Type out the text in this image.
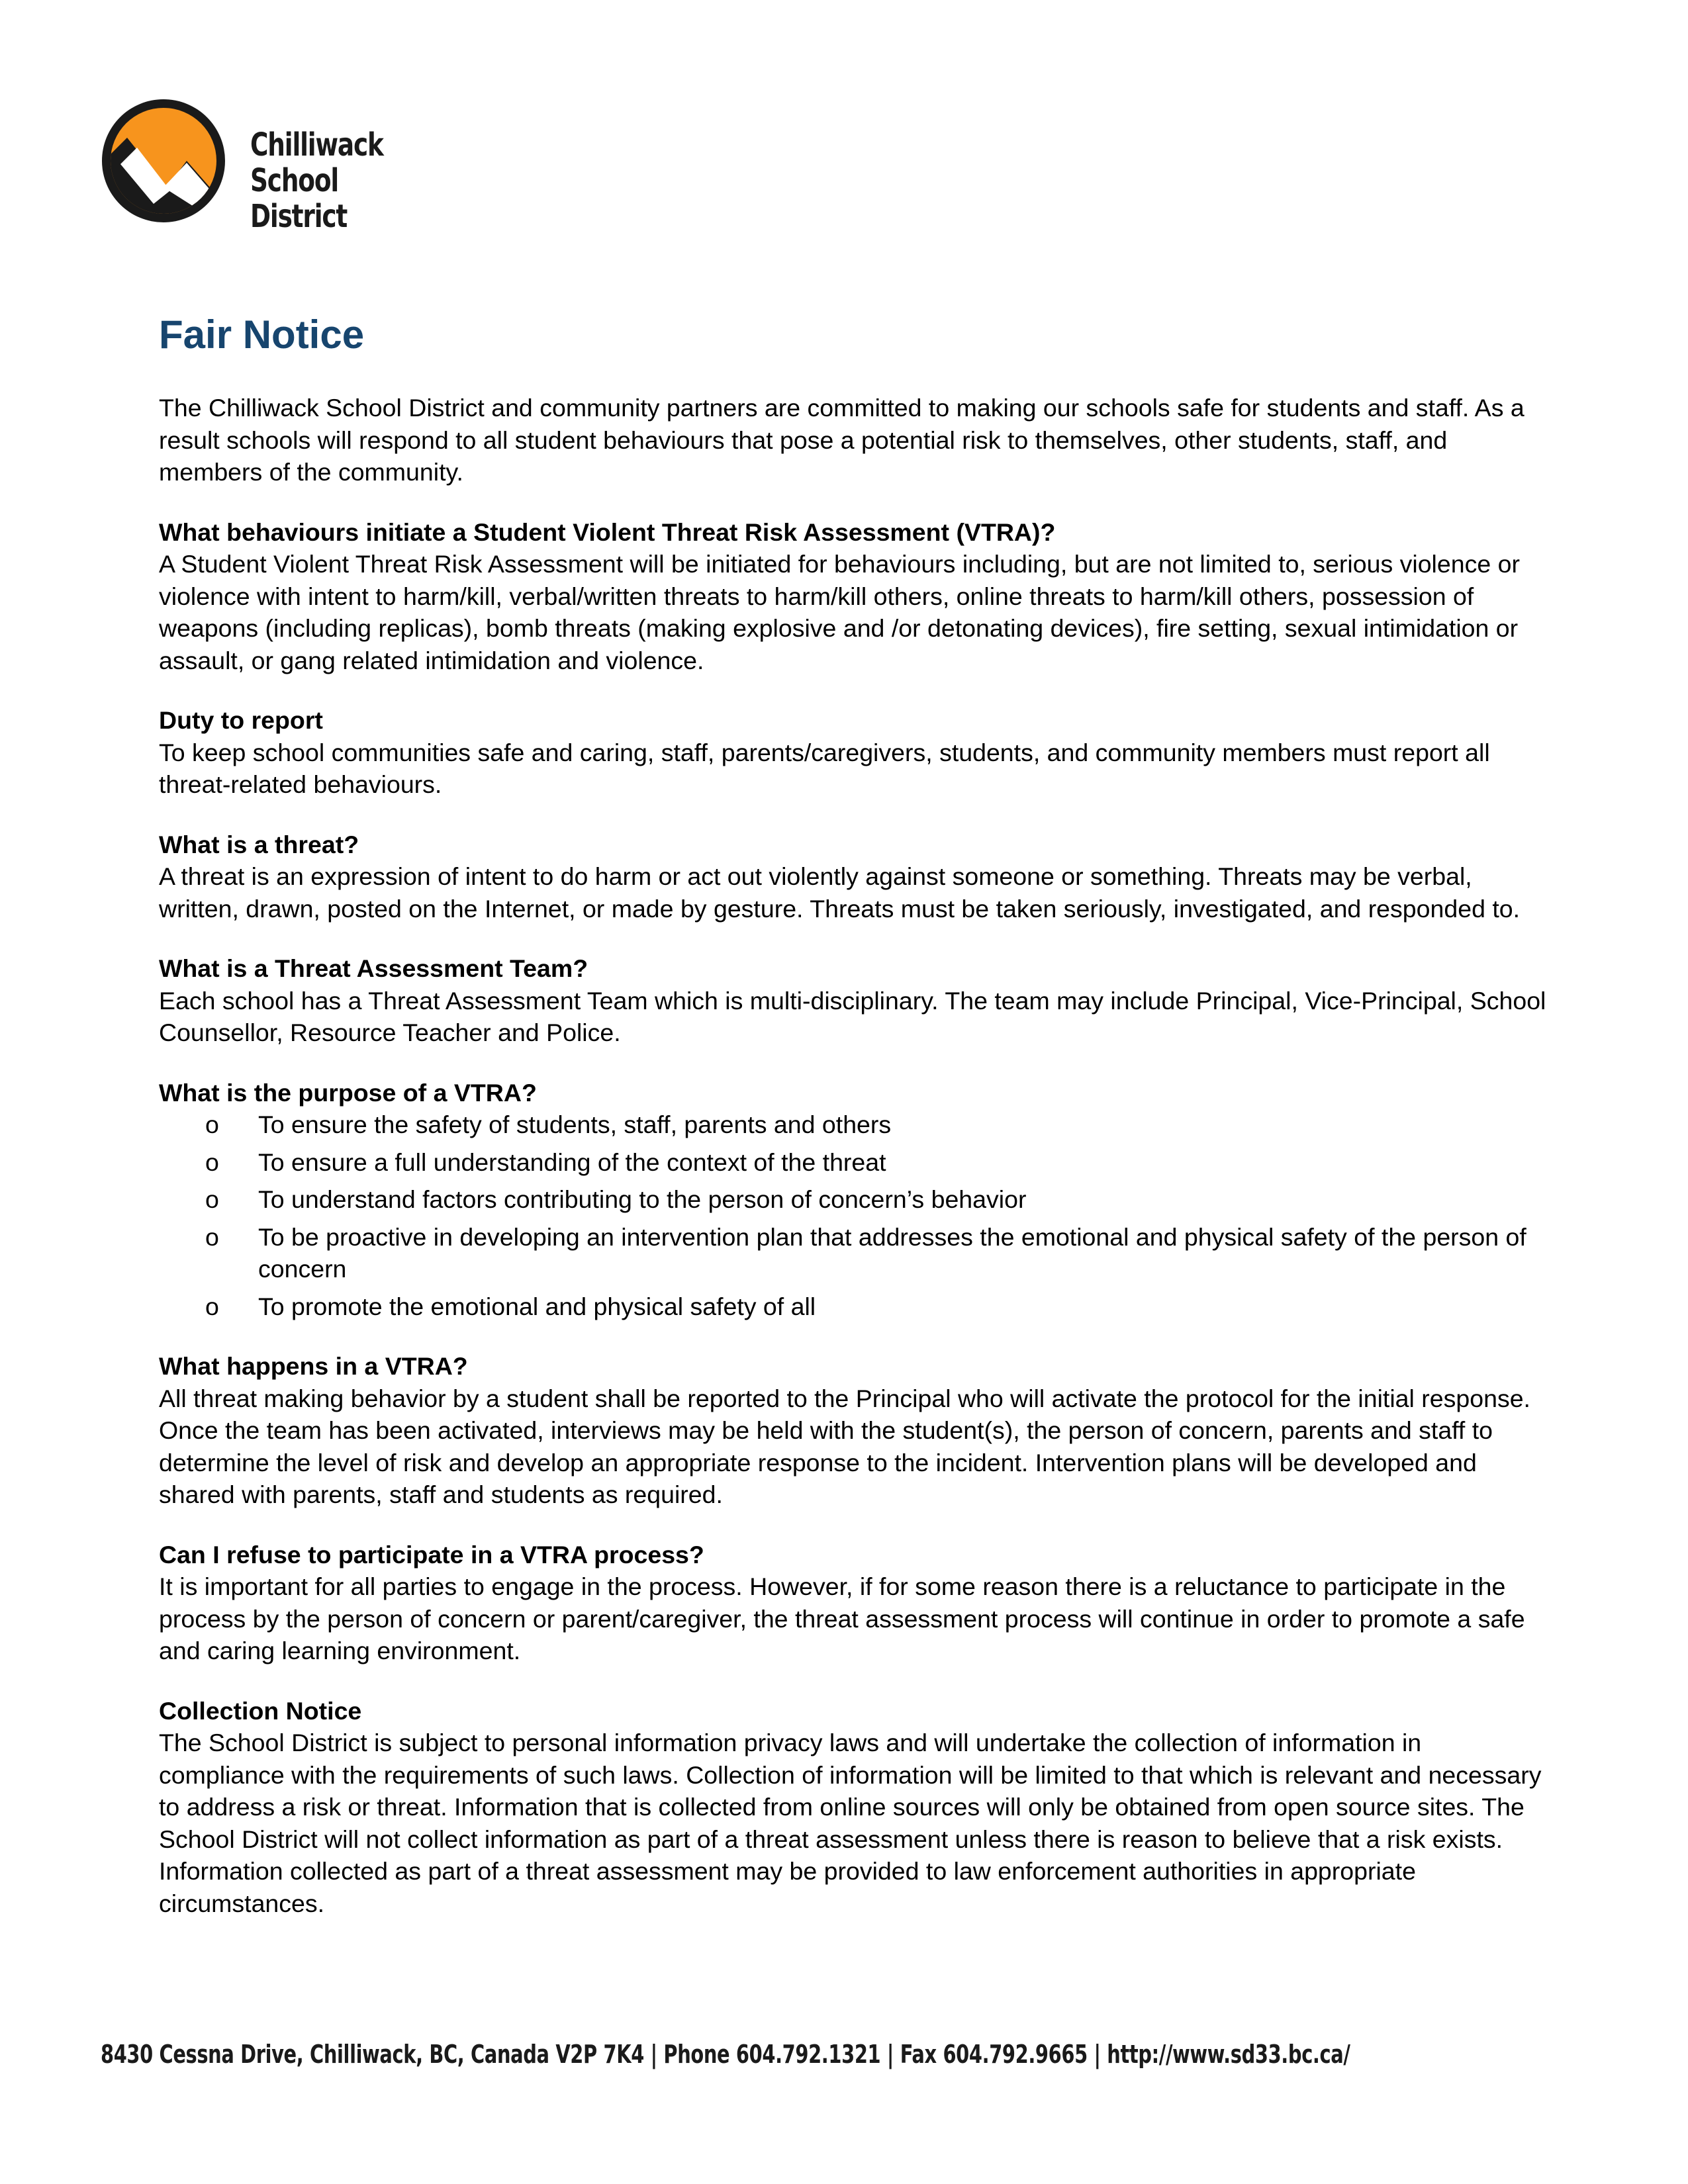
Chilliwack
School District
Fair Notice

The Chilliwack School District and community partners are committed to making our schools safe for students and staff. As a result schools will respond to all student behaviours that pose a potential risk to themselves, other students, staff, and members of the community.

What behaviours initiate a Student Violent Threat Risk Assessment (VTRA)?
A Student Violent Threat Risk Assessment will be initiated for behaviours including, but are not limited to, serious violence or violence with intent to harm/kill, verbal/written threats to harm/kill others, online threats to harm/kill others, possession of weapons (including replicas), bomb threats (making explosive and /or detonating devices), fire setting, sexual intimidation or assault, or gang related intimidation and violence.

Duty to report
To keep school communities safe and caring, staff, parents/caregivers, students, and community members must report all threat-related behaviours.

What is a threat?
A threat is an expression of intent to do harm or act out violently against someone or something. Threats may be verbal, written, drawn, posted on the Internet, or made by gesture. Threats must be taken seriously, investigated, and responded to.

What is a Threat Assessment Team?
Each school has a Threat Assessment Team which is multi-disciplinary. The team may include Principal, Vice-Principal, School Counsellor, Resource Teacher and Police.

What is the purpose of a VTRA?

o To ensure the safety of students, staff, parents and others
o To ensure a full understanding of the context of the threat
o To understand factors contributing to the person of concern’s behavior
o To be proactive in developing an intervention plan that addresses the emotional and physical safety of the person of concern
o To promote the emotional and physical safety of all

What happens in a VTRA?
All threat making behavior by a student shall be reported to the Principal who will activate the protocol for the initial response. Once the team has been activated, interviews may be held with the student(s), the person of concern, parents and staff to determine the level of risk and develop an appropriate response to the incident. Intervention plans will be developed and shared with parents, staff and students as required.

Can I refuse to participate in a VTRA process?
It is important for all parties to engage in the process. However, if for some reason there is a reluctance to participate in the process by the person of concern or parent/caregiver, the threat assessment process will continue in order to promote a safe and caring learning environment.

Collection Notice
The School District is subject to personal information privacy laws and will undertake the collection of information in compliance with the requirements of such laws. Collection of information will be limited to that which is relevant and necessary to address a risk or threat. Information that is collected from online sources will only be obtained from open source sites. The School District will not collect information as part of a threat assessment unless there is reason to believe that a risk exists. Information collected as part of a threat assessment may be provided to law enforcement authorities in appropriate circumstances.

8430 Cessna Drive, Chilliwack, BC, Canada V2P 7K4 | Phone 604.792.1321 | Fax 604.792.9665 | http://www.sd33.bc.ca/
